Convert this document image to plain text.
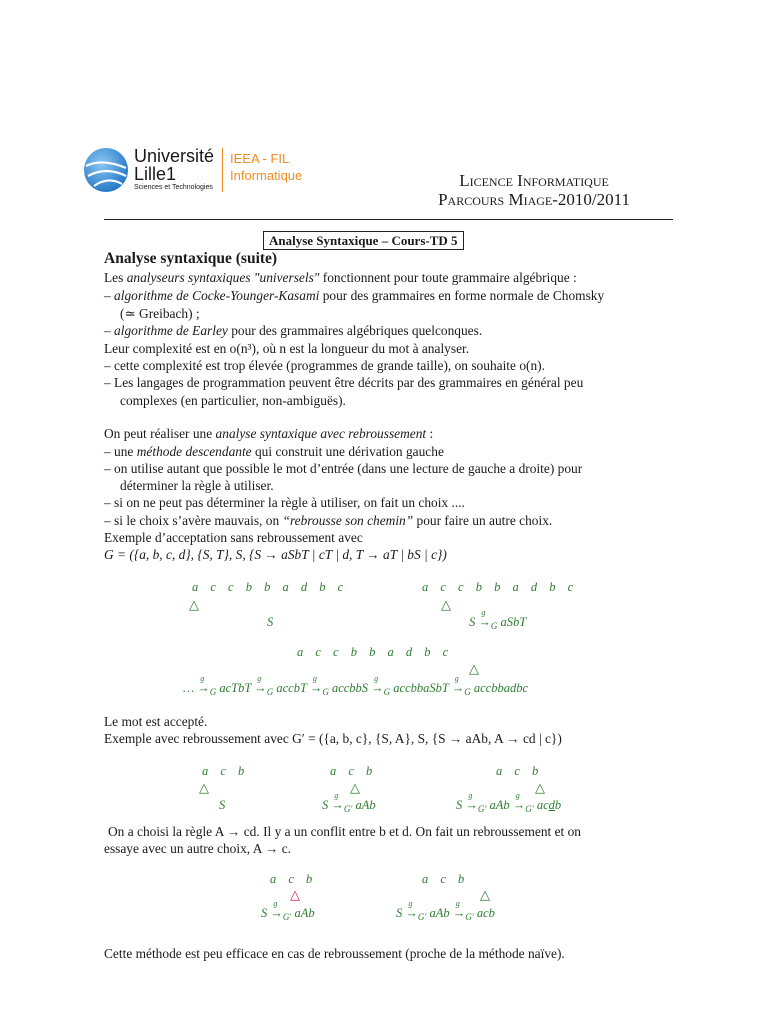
Université
Lille1
Sciences et Technologies
IEEA - FIL
Informatique	Licence Informatique
Parcours Miage-2010/2011
Analyse Syntaxique – Cours-TD 5
Analyse syntaxique (suite)
Les analyseurs syntaxiques "universels" fonctionnent pour toute grammaire algébrique :
– algorithme de Cocke-Younger-Kasami pour des grammaires en forme normale de Chomsky
(≃ Greibach) ;
– algorithme de Earley pour des grammaires algébriques quelconques.
Leur complexité est en o(n³), où n est la longueur du mot à analyser.
– cette complexité est trop élevée (programmes de grande taille), on souhaite o(n).
– Les langages de programmation peuvent être décrits par des grammaires en général peu
complexes (en particulier, non-ambiguës).
On peut réaliser une analyse syntaxique avec rebroussement :
– une méthode descendante qui construit une dérivation gauche
– on utilise autant que possible le mot d’entrée (dans une lecture de gauche a droite) pour
déterminer la règle à utiliser.
– si on ne peut pas déterminer la règle à utiliser, on fait un choix ....
– si le choix s’avère mauvais, on “rebrousse son chemin” pour faire un autre choix.
Exemple d’acceptation sans rebroussement avec
G = ({a, b, c, d}, {S, T}, S, {S → aSbT | cT | d, T → aT | bS | c})
a c c b b a d b c
△
S
a c c b b a d b c
△
S →
g
$_G$ aSbT
a c c b b a d b c
△
… →
g
$_G$ acTbT →
g
$_G$ accbT →
g
$_G$ accbbS →
g
$_G$ accbbaSbT →
g
$_G$ accbbadbc
Le mot est accepté.
Exemple avec rebroussement avec G′ = ({a, b, c}, {S, A}, S, {S → aAb, A → cd | c})
a c b
△
S
a c b
△
S →
g
$_{G'}$ aAb
a c b
△
S →
g
$_{G'}$ aAb →
g
$_{G'}$ acdb
On a choisi la règle A → cd. Il y a un conflit entre b et d. On fait un rebroussement et on
essaye avec un autre choix, A → c.
a c b
△
S →
g
$_{G'}$ aAb
a c b
△
S →
g
$_{G'}$ aAb →
g
$_{G'}$ acb
Cette méthode est peu efficace en cas de rebroussement (proche de la méthode naïve).
